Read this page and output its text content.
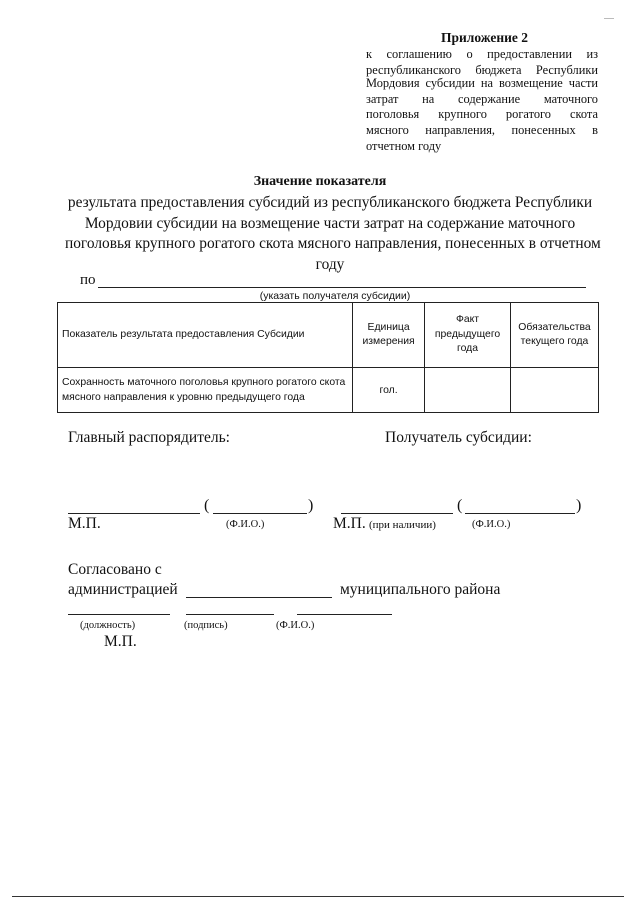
Приложение 2
к соглашению о предоставлении из
республиканского бюджета Республики
Мордовия субсидии на возмещение части
затрат на содержание маточного
поголовья крупного рогатого скота
мясного направления, понесенных в
отчетном году
Значение показателя
результата предоставления субсидий из республиканского бюджета Республики
Мордовии субсидии на возмещение части затрат на содержание маточного
поголовья крупного рогатого скота мясного направления, понесенных в отчетном
году
по
(указать получателя субсидии)
Показатель результата предоставления Субсидии	Единица измерения	Факт предыдущего года	Обязательства текущего года
Сохранность маточного поголовья крупного рогатого скота мясного направления к уровню предыдущего года	гол.		
Главный распорядитель:	Получатель субсидии:
(	)	(	)
М.П.	(Ф.И.О.)	М.П. (при наличии)	(Ф.И.О.)
Согласовано с
администрацией	муниципального района
(должность)	(подпись)	(Ф.И.О.)
М.П.
